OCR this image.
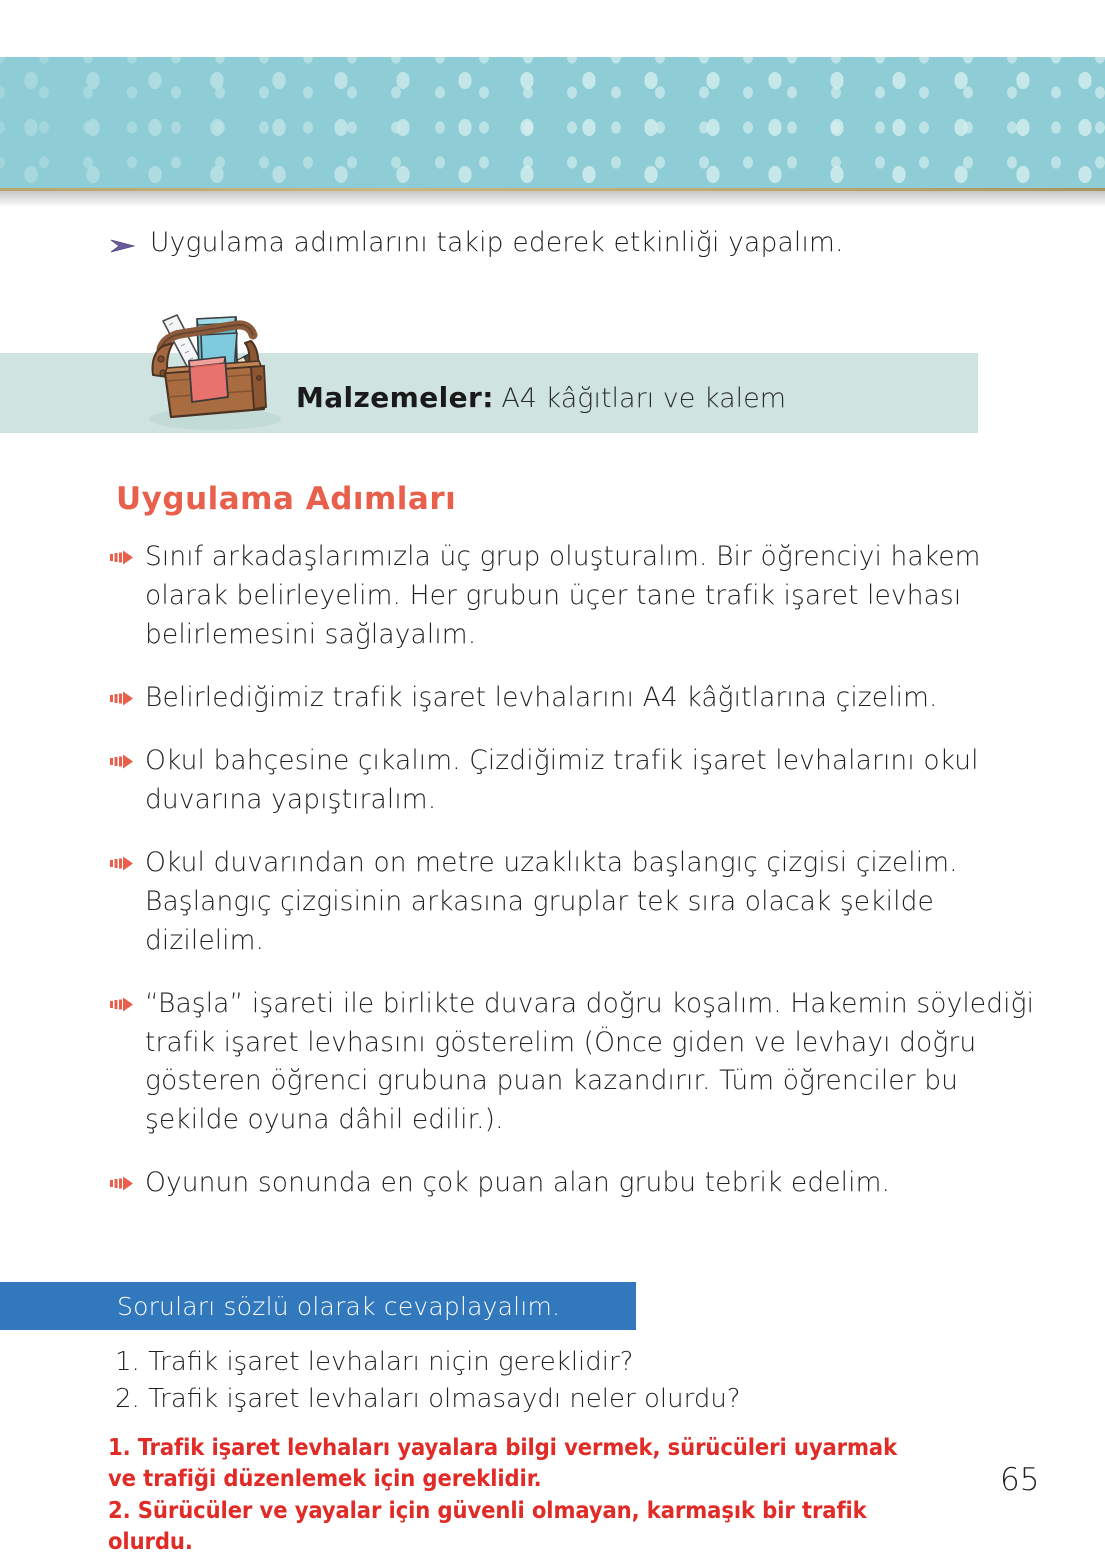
Uygulama adımlarını takip ederek etkinliği yapalım.
Malzemeler: A4 kâğıtları ve kalem
Uygulama Adımları
Sınıf arkadaşlarımızla üç grup oluşturalım. Bir öğrenciyi hakem olarak belirleyelim. Her grubun üçer tane trafik işaret levhası belirlemesini sağlayalım.
Belirlediğimiz trafik işaret levhalarını A4 kâğıtlarına çizelim.
Okul bahçesine çıkalım. Çizdiğimiz trafik işaret levhalarını okul duvarına yapıştıralım.
Okul duvarından on metre uzaklıkta başlangıç çizgisi çizelim. Başlangıç çizgisinin arkasına gruplar tek sıra olacak şekilde dizilelim.
“Başla” işareti ile birlikte duvara doğru koşalım. Hakemin söylediği trafik işaret levhasını gösterelim (Önce giden ve levhayı doğru gösteren öğrenci grubuna puan kazandırır. Tüm öğrenciler bu şekilde oyuna dâhil edilir.).
Oyunun sonunda en çok puan alan grubu tebrik edelim.
Soruları sözlü olarak cevaplayalım.
1. Trafik işaret levhaları niçin gereklidir?
2. Trafik işaret levhaları olmasaydı neler olurdu?
1. Trafik işaret levhaları yayalara bilgi vermek, sürücüleri uyarmak
ve trafiği düzenlemek için gereklidir.
2. Sürücüler ve yayalar için güvenli olmayan, karmaşık bir trafik
olurdu.
65
